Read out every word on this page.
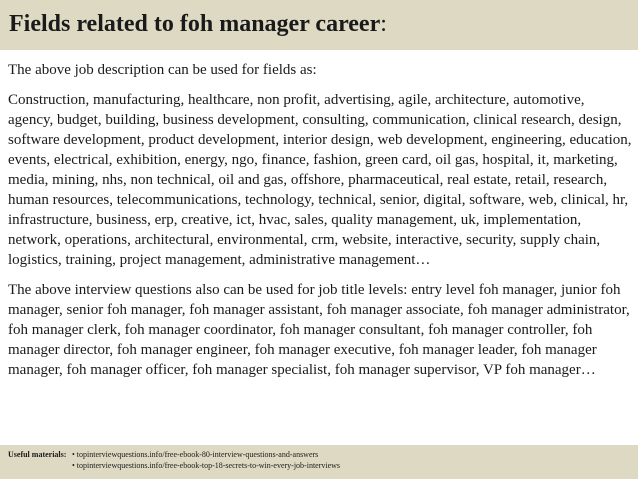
Fields related to foh manager career:

The above job description can be used for fields as:

Construction, manufacturing, healthcare, non profit, advertising, agile, architecture, automotive, agency, budget, building, business development, consulting, communication, clinical research, design, software development, product development, interior design, web development, engineering, education, events, electrical, exhibition, energy, ngo, finance, fashion, green card, oil gas, hospital, it, marketing, media, mining, nhs, non technical, oil and gas, offshore, pharmaceutical, real estate, retail, research, human resources, telecommunications, technology, technical, senior, digital, software, web, clinical, hr, infrastructure, business, erp, creative, ict, hvac, sales, quality management, uk, implementation, network, operations, architectural, environmental, crm, website, interactive, security, supply chain, logistics, training, project management, administrative management…

The above interview questions also can be used for job title levels: entry level foh manager, junior foh manager, senior foh manager, foh manager assistant, foh manager associate, foh manager administrator, foh manager clerk, foh manager coordinator, foh manager consultant, foh manager controller, foh manager director, foh manager engineer, foh manager executive, foh manager leader, foh manager manager, foh manager officer, foh manager specialist, foh manager supervisor, VP foh manager…

Useful materials: • topinterviewquestions.info/free-ebook-80-interview-questions-and-answers
• topinterviewquestions.info/free-ebook-top-18-secrets-to-win-every-job-interviews
